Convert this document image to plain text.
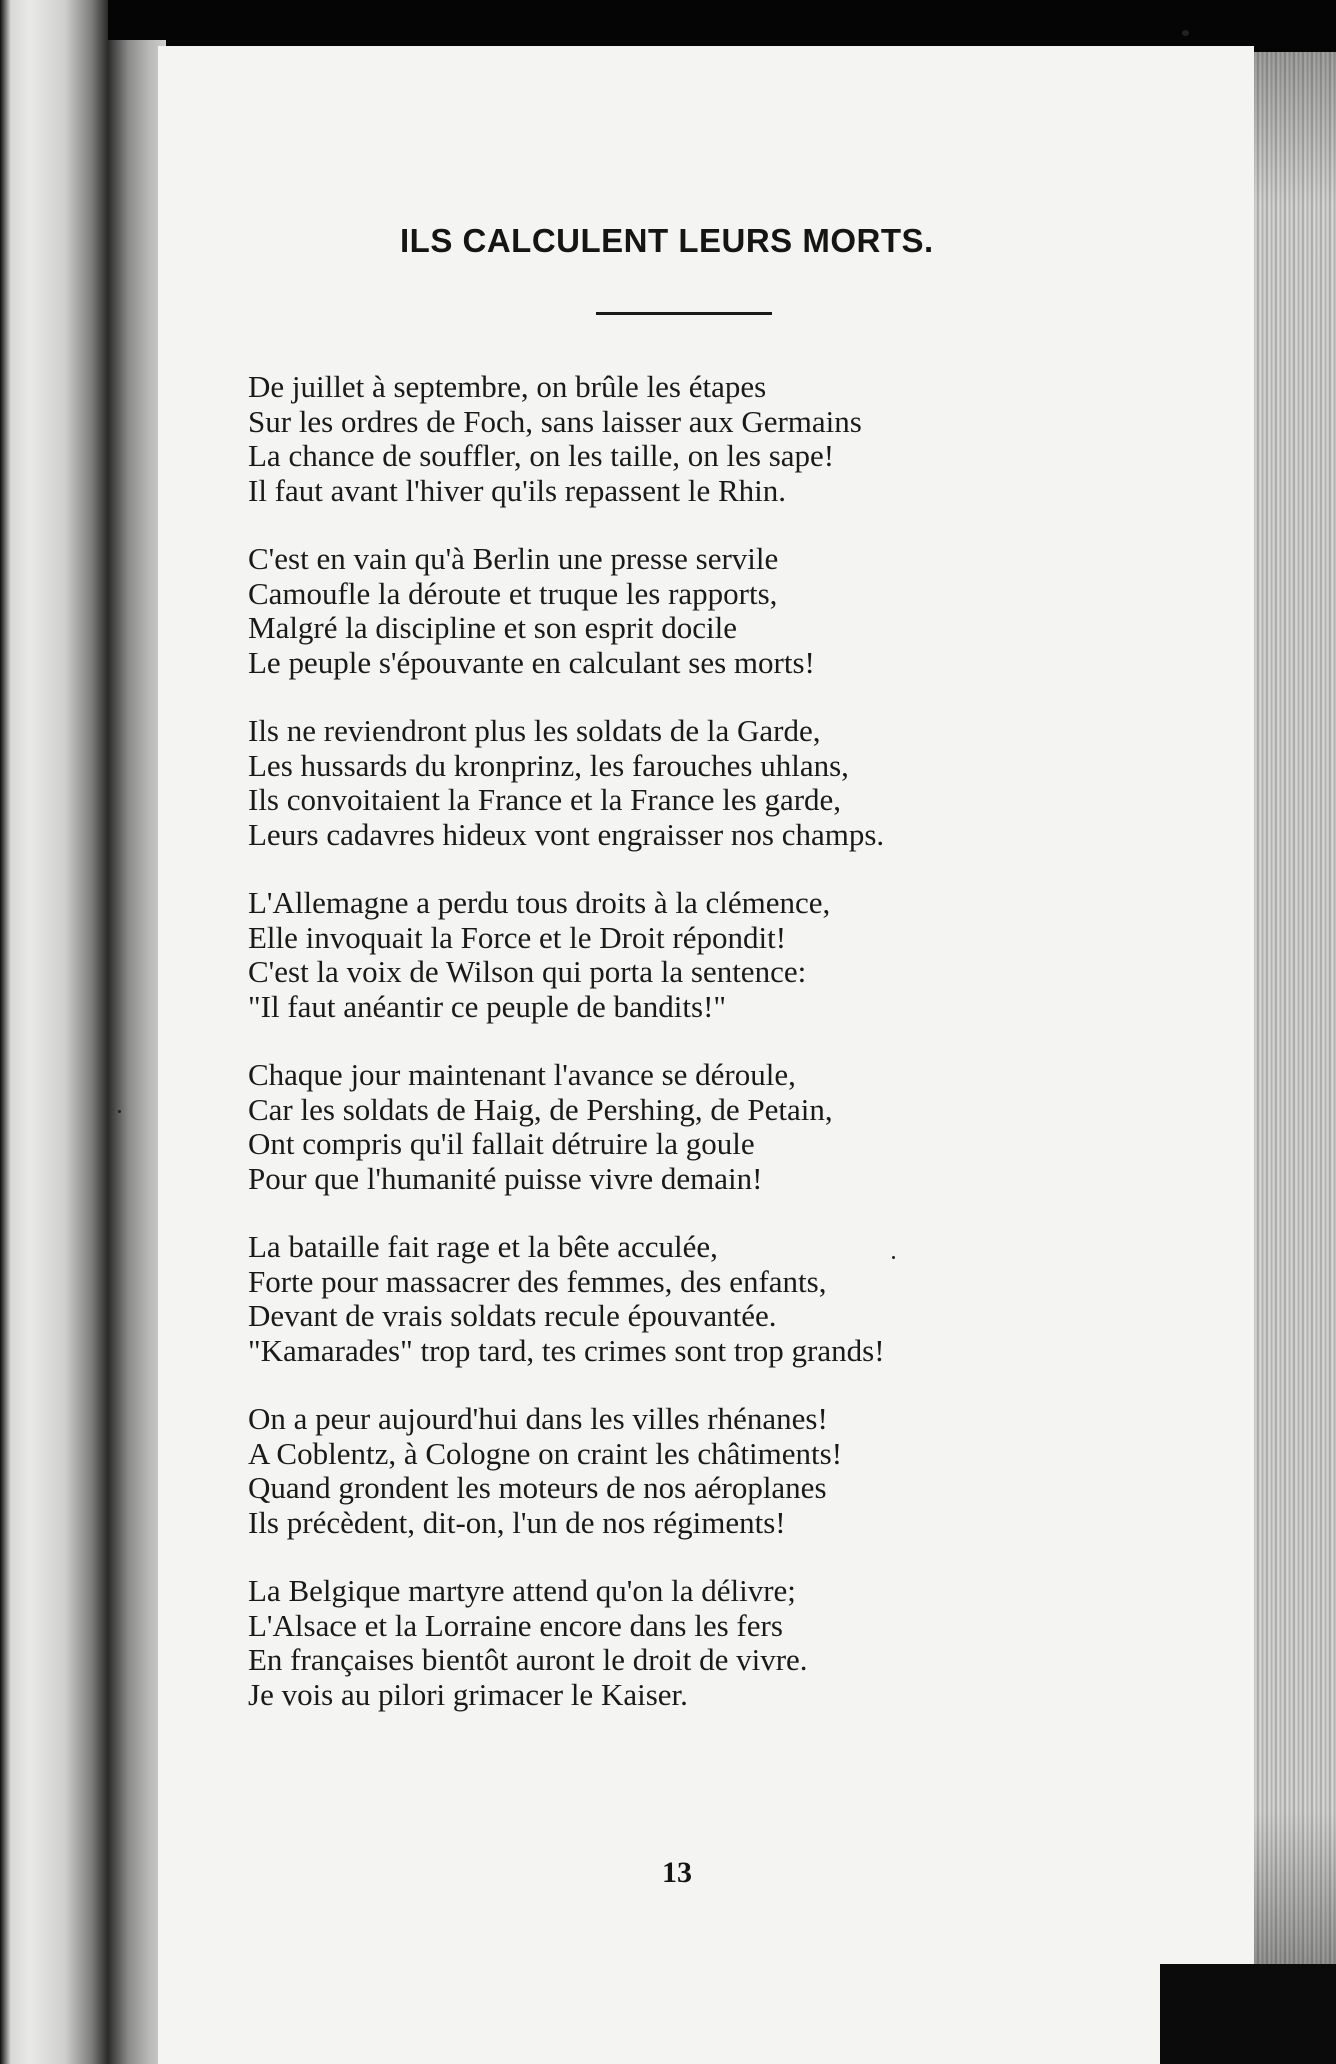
ILS CALCULENT LEURS MORTS.
De juillet à septembre, on brûle les étapes
Sur les ordres de Foch, sans laisser aux Germains
La chance de souffler, on les taille, on les sape!
Il faut avant l'hiver qu'ils repassent le Rhin.
C'est en vain qu'à Berlin une presse servile
Camoufle la déroute et truque les rapports,
Malgré la discipline et son esprit docile
Le peuple s'épouvante en calculant ses morts!
Ils ne reviendront plus les soldats de la Garde,
Les hussards du kronprinz, les farouches uhlans,
Ils convoitaient la France et la France les garde,
Leurs cadavres hideux vont engraisser nos champs.
L'Allemagne a perdu tous droits à la clémence,
Elle invoquait la Force et le Droit répondit!
C'est la voix de Wilson qui porta la sentence:
"Il faut anéantir ce peuple de bandits!"
Chaque jour maintenant l'avance se déroule,
Car les soldats de Haig, de Pershing, de Petain,
Ont compris qu'il fallait détruire la goule
Pour que l'humanité puisse vivre demain!
La bataille fait rage et la bête acculée,
Forte pour massacrer des femmes, des enfants,
Devant de vrais soldats recule épouvantée.
"Kamarades" trop tard, tes crimes sont trop grands!
On a peur aujourd'hui dans les villes rhénanes!
A Coblentz, à Cologne on craint les châtiments!
Quand grondent les moteurs de nos aéroplanes
Ils précèdent, dit-on, l'un de nos régiments!
La Belgique martyre attend qu'on la délivre;
L'Alsace et la Lorraine encore dans les fers
En françaises bientôt auront le droit de vivre.
Je vois au pilori grimacer le Kaiser.
13
